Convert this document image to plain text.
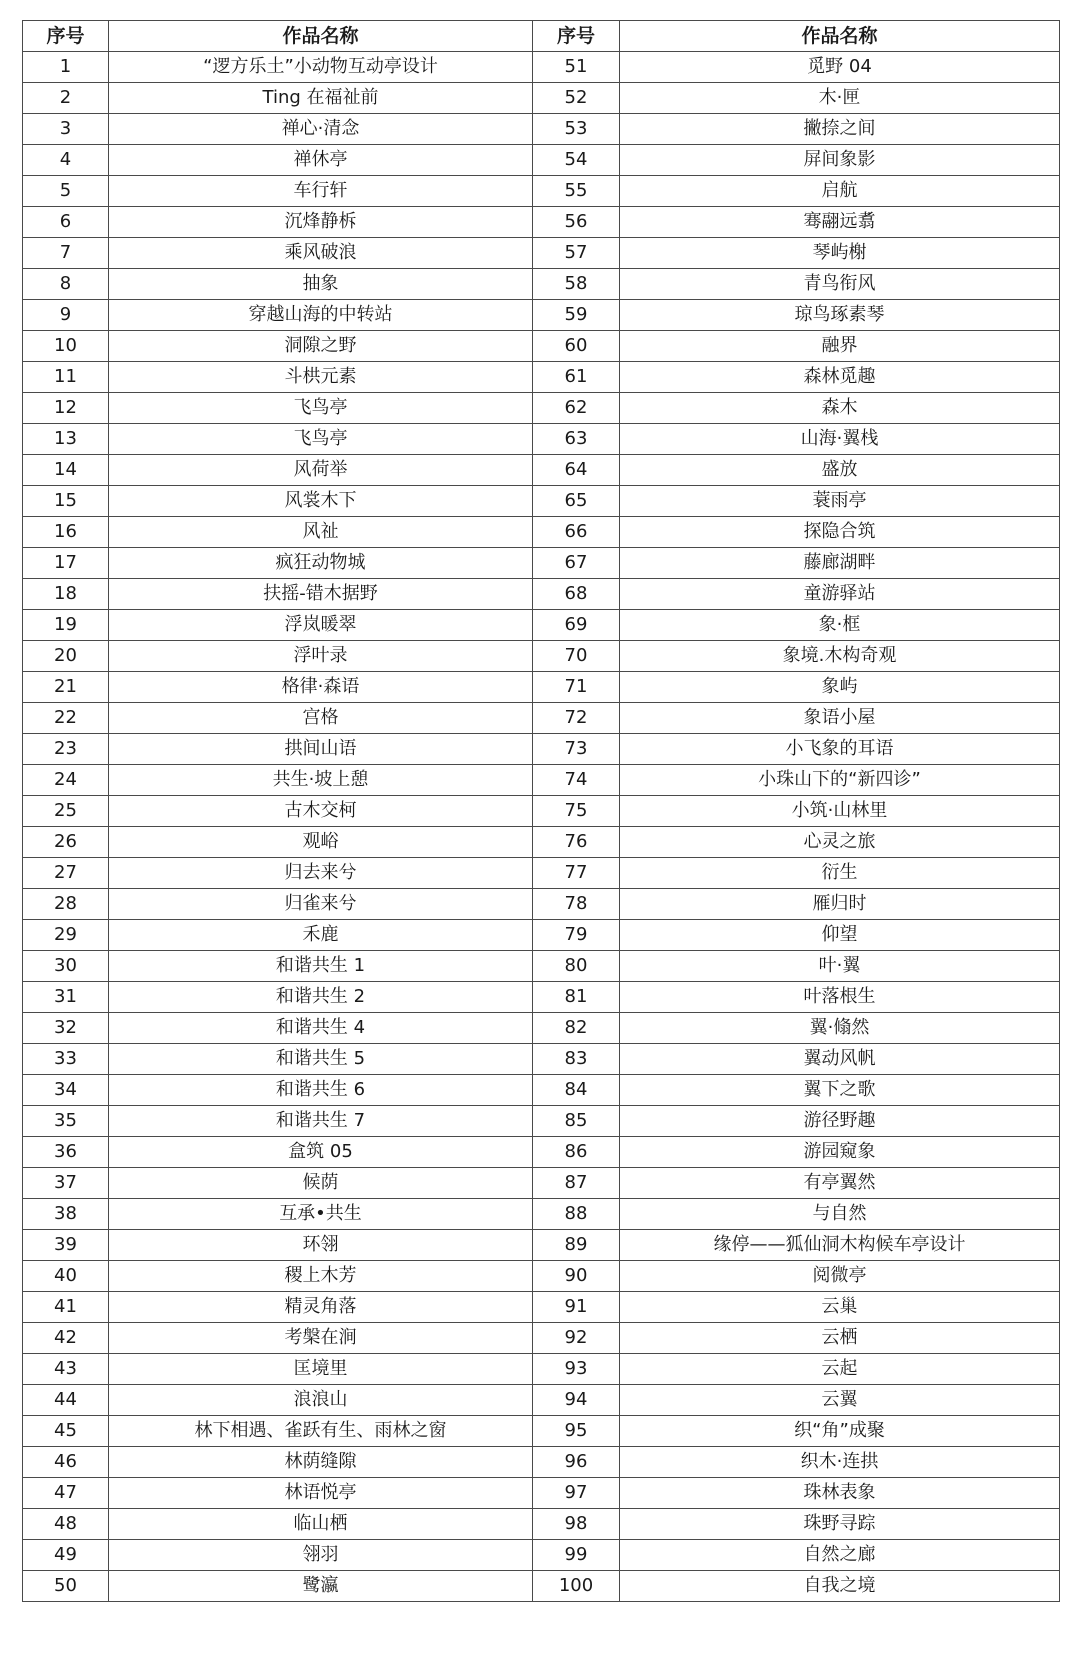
序号	作品名称	序号	作品名称
1	“逻方乐土”小动物互动亭设计	51	觅野 04
2	Ting 在福祉前	52	木·匣
3	禅心·清念	53	撇捺之间
4	禅休亭	54	屏间象影
5	车行轩	55	启航
6	沉烽静柝	56	骞翮远翥
7	乘风破浪	57	琴屿榭
8	抽象	58	青鸟衔风
9	穿越山海的中转站	59	琼鸟琢素琴
10	洞隙之野	60	融界
11	斗栱元素	61	森林觅趣
12	飞鸟亭	62	森木
13	飞鸟亭	63	山海·翼栈
14	风荷举	64	盛放
15	风裳木下	65	蓑雨亭
16	风祉	66	探隐合筑
17	疯狂动物城	67	藤廊湖畔
18	扶摇-错木据野	68	童游驿站
19	浮岚暖翠	69	象·框
20	浮叶录	70	象境.木构奇观
21	格律·森语	71	象屿
22	宫格	72	象语小屋
23	拱间山语	73	小飞象的耳语
24	共生·坡上憩	74	小珠山下的“新四诊”
25	古木交柯	75	小筑·山林里
26	观峪	76	心灵之旅
27	归去来兮	77	衍生
28	归雀来兮	78	雁归时
29	禾鹿	79	仰望
30	和谐共生 1	80	叶·翼
31	和谐共生 2	81	叶落根生
32	和谐共生 4	82	翼·翛然
33	和谐共生 5	83	翼动风帆
34	和谐共生 6	84	翼下之歌
35	和谐共生 7	85	游径野趣
36	盒筑 05	86	游园窥象
37	候荫	87	有亭翼然
38	互承•共生	88	与自然
39	环翎	89	缘停——狐仙洞木构候车亭设计
40	稷上木芳	90	阅微亭
41	精灵角落	91	云巢
42	考槃在涧	92	云栖
43	匡境里	93	云起
44	浪浪山	94	云翼
45	林下相遇、雀跃有生、雨林之窗	95	织“角”成聚
46	林荫缝隙	96	织木·连拱
47	林语悦亭	97	珠林表象
48	临山栖	98	珠野寻踪
49	翎羽	99	自然之廊
50	鹭瀛	100	自我之境
